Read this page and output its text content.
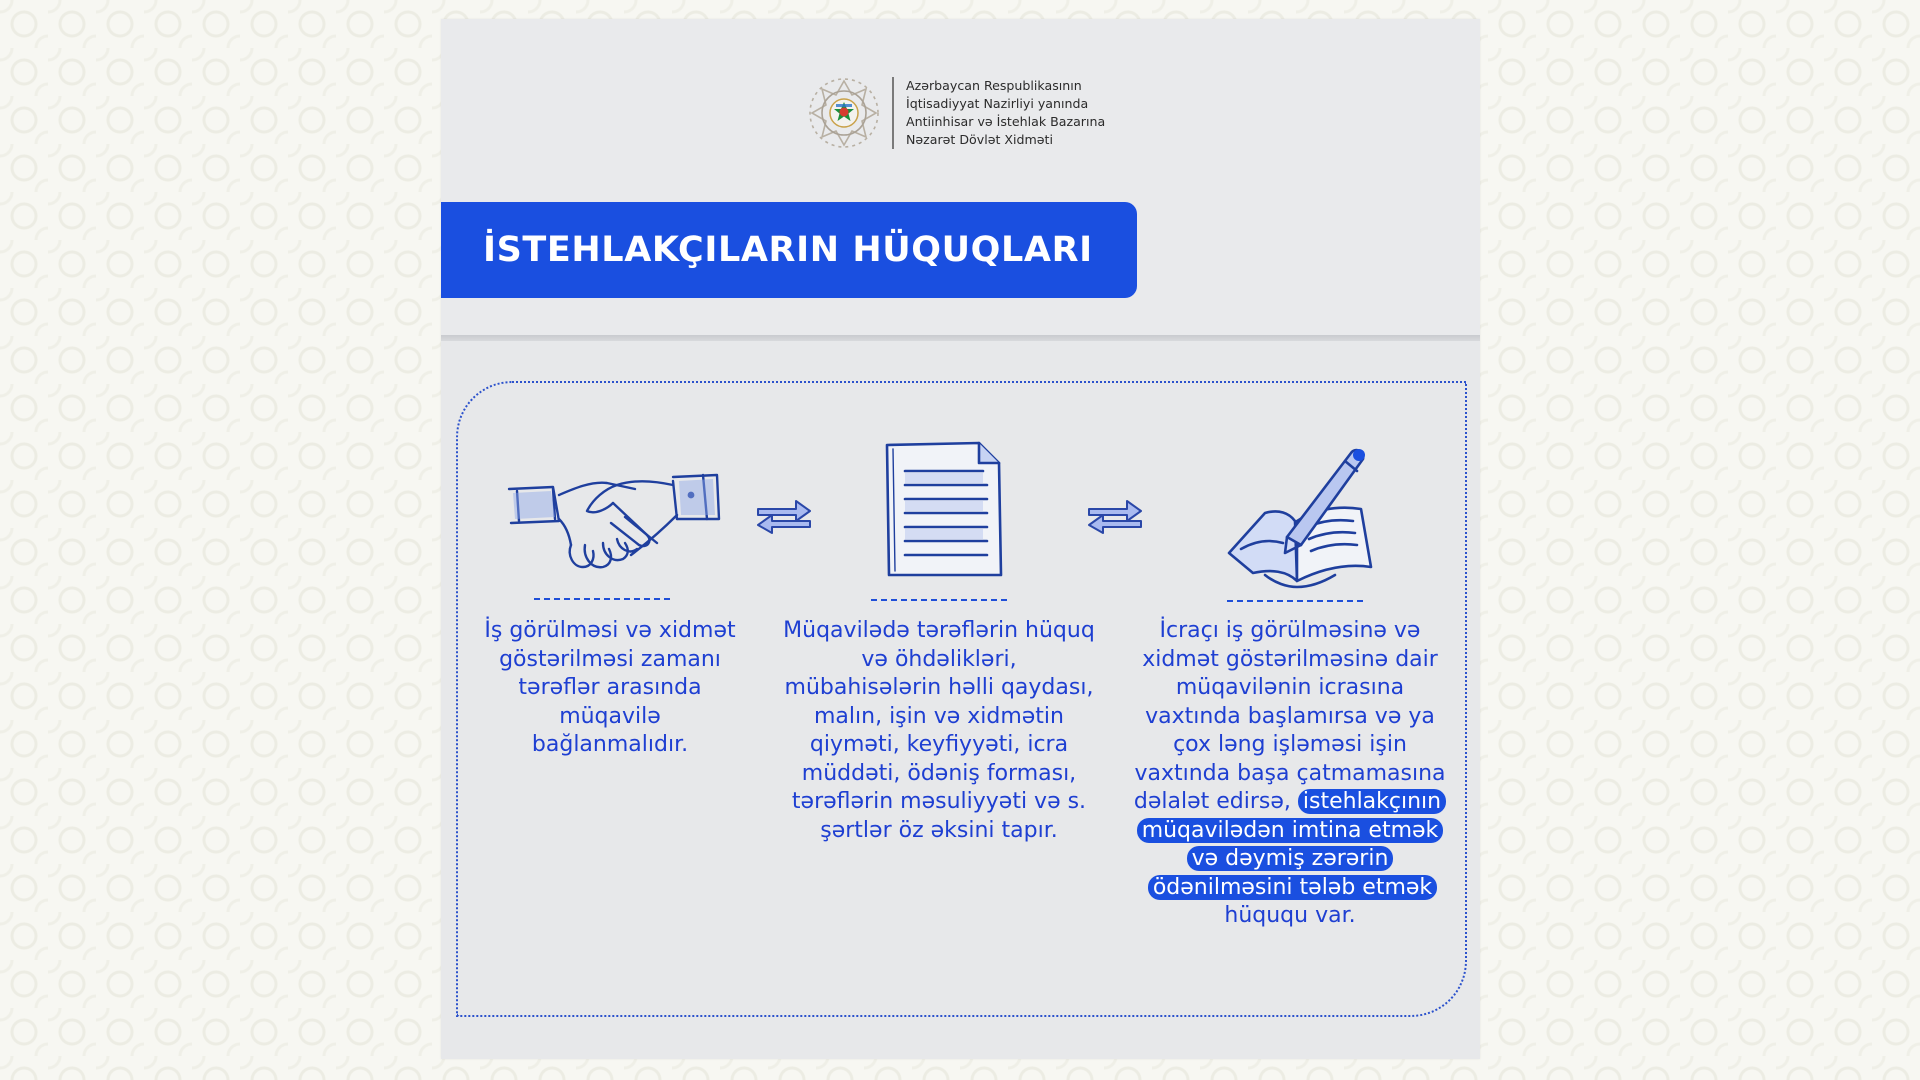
Azərbaycan Respublikasının
İqtisadiyyat Nazirliyi yanında
Antiinhisar və İstehlak Bazarına
Nəzarət Dövlət Xidməti
İSTEHLAKÇILARIN HÜQUQLARI
İş görülməsi və xidmət göstərilməsi zamanı tərəflər arasında müqavilə bağlanmalıdır.
Müqavilədə tərəflərin hüquq və öhdəlikləri, mübahisələrin həlli qaydası, malın, işin və xidmətin qiyməti, keyfiyyəti, icra müddəti, ödəniş forması, tərəflərin məsuliyyəti və s. şərtlər öz əksini tapır.
İcraçı iş görülməsinə və xidmət göstərilməsinə dair müqavilənin icrasına vaxtında başlamırsa və ya çox ləng işləməsi işin vaxtında başa çatmamasına dəlalət edirsə, istehlakçının müqavilədən imtina etmək və dəymiş zərərin ödənilməsini tələb etmək hüququ var.
